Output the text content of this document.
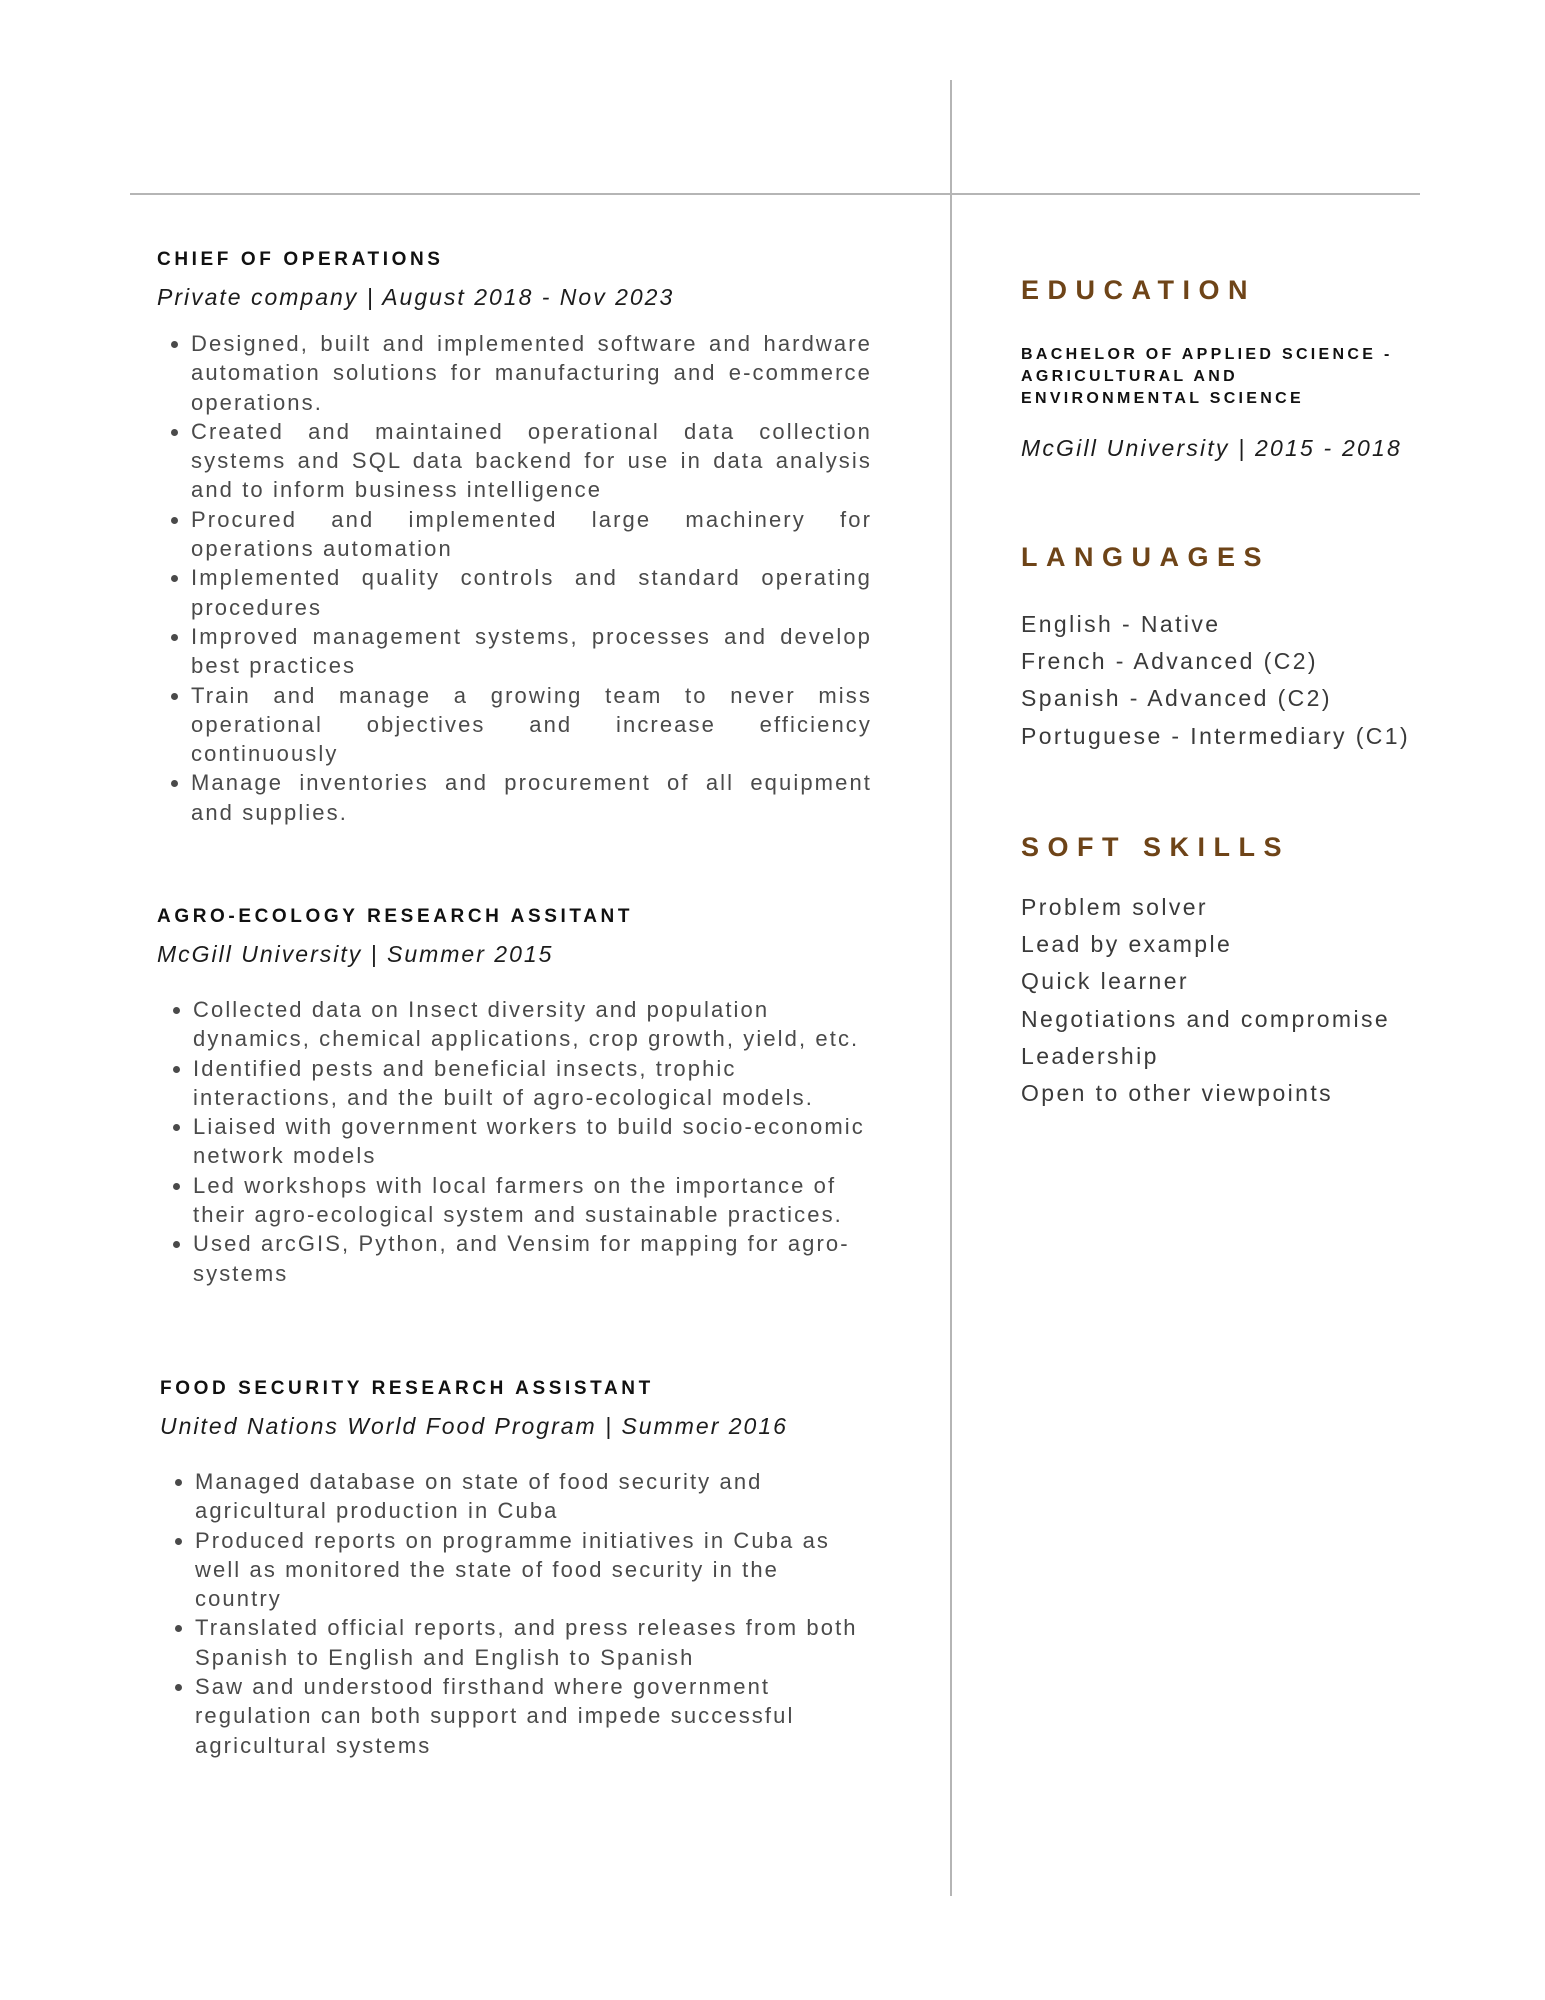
CHIEF OF OPERATIONS
Private company | August 2018 - Nov 2023
• Designed, built and implemented software and hardware automation solutions for manufacturing and e-commerce operations.
• Created and maintained operational data collection systems and SQL data backend for use in data analysis and to inform business intelligence
• Procured and implemented large machinery for operations automation
• Implemented quality controls and standard operating procedures
• Improved management systems, processes and develop best practices
• Train and manage a growing team to never miss operational objectives and increase efficiency continuously
• Manage inventories and procurement of all equipment and supplies.
AGRO-ECOLOGY RESEARCH ASSITANT
McGill University | Summer 2015
• Collected data on Insect diversity and population dynamics, chemical applications, crop growth, yield, etc.
• Identified pests and beneficial insects, trophic interactions, and the built of agro-ecological models.
• Liaised with government workers to build socio-economic network models
• Led workshops with local farmers on the importance of their agro-ecological system and sustainable practices.
• Used arcGIS, Python, and Vensim for mapping for agro-systems
FOOD SECURITY RESEARCH ASSISTANT
United Nations World Food Program | Summer 2016
• Managed database on state of food security and agricultural production in Cuba
• Produced reports on programme initiatives in Cuba as well as monitored the state of food security in the country
• Translated official reports, and press releases from both Spanish to English and English to Spanish
• Saw and understood firsthand where government regulation can both support and impede successful agricultural systems
EDUCATION
BACHELOR OF APPLIED SCIENCE - AGRICULTURAL AND ENVIRONMENTAL SCIENCE
McGill University | 2015 - 2018
LANGUAGES
English - Native
French - Advanced (C2)
Spanish - Advanced (C2)
Portuguese - Intermediary (C1)
SOFT SKILLS
Problem solver
Lead by example
Quick learner
Negotiations and compromise
Leadership
Open to other viewpoints
